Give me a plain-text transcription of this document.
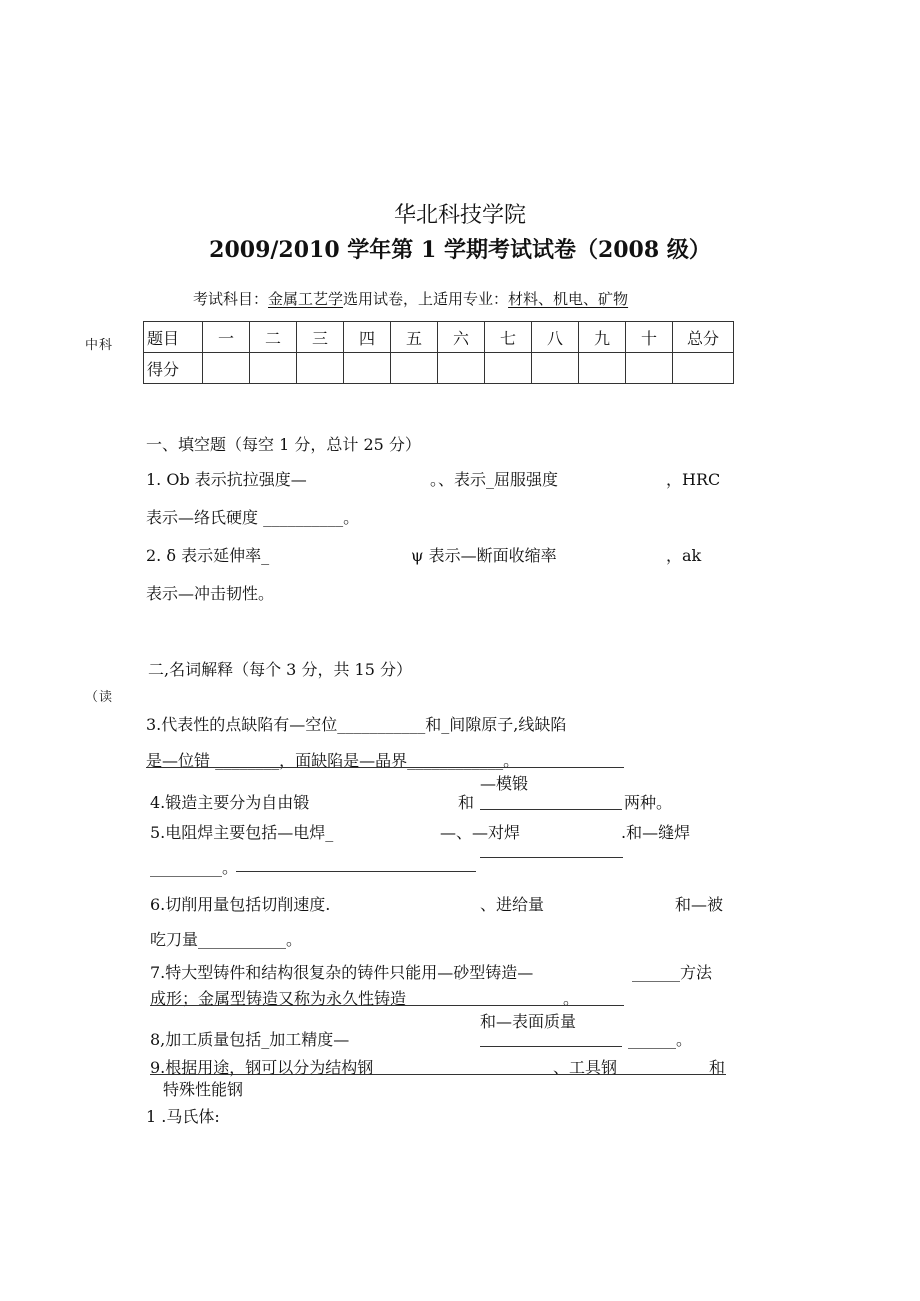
华北科技学院
2009/2010 学年第 1 学期考试试卷（2008 级）
考试科目：金属工艺学选用试卷，上适用专业：材料、机电、矿物
中科
（读
题目	一	二	三	四	五	六	七	八	九	十	总分
得分											
一、填空题（每空 1 分，总计 25 分）
1. Ob 表示抗拉强度—	。、表示_屈服强度	，HRC
表示—络氏硬度 __________。
2. δ 表示延伸率_	ψ 表示—断面收缩率	，ak
表示—冲击韧性。
二,名词解释（每个 3 分，共 15 分）
3.代表性的点缺陷有—空位___________和_间隙原子,线缺陷
是—位错 ________，面缺陷是—晶界____________。
—模锻
4.锻造主要分为自由锻	和	两种。
5.电阻焊主要包括—电焊_	—、—对焊	.和—缝焊
_________。
6.切削用量包括切削速度.	、进给量	和—被
吃刀量___________。
7.特大型铸件和结构很复杂的铸件只能用—砂型铸造—	______方法
成形；金属型铸造又称为永久性铸造	。
和—表面质量
8,加工质量包括_加工精度—	______。
9.根据用途，钢可以分为结构钢	、工具钢	和
特殊性能钢
1 .马氏体:
